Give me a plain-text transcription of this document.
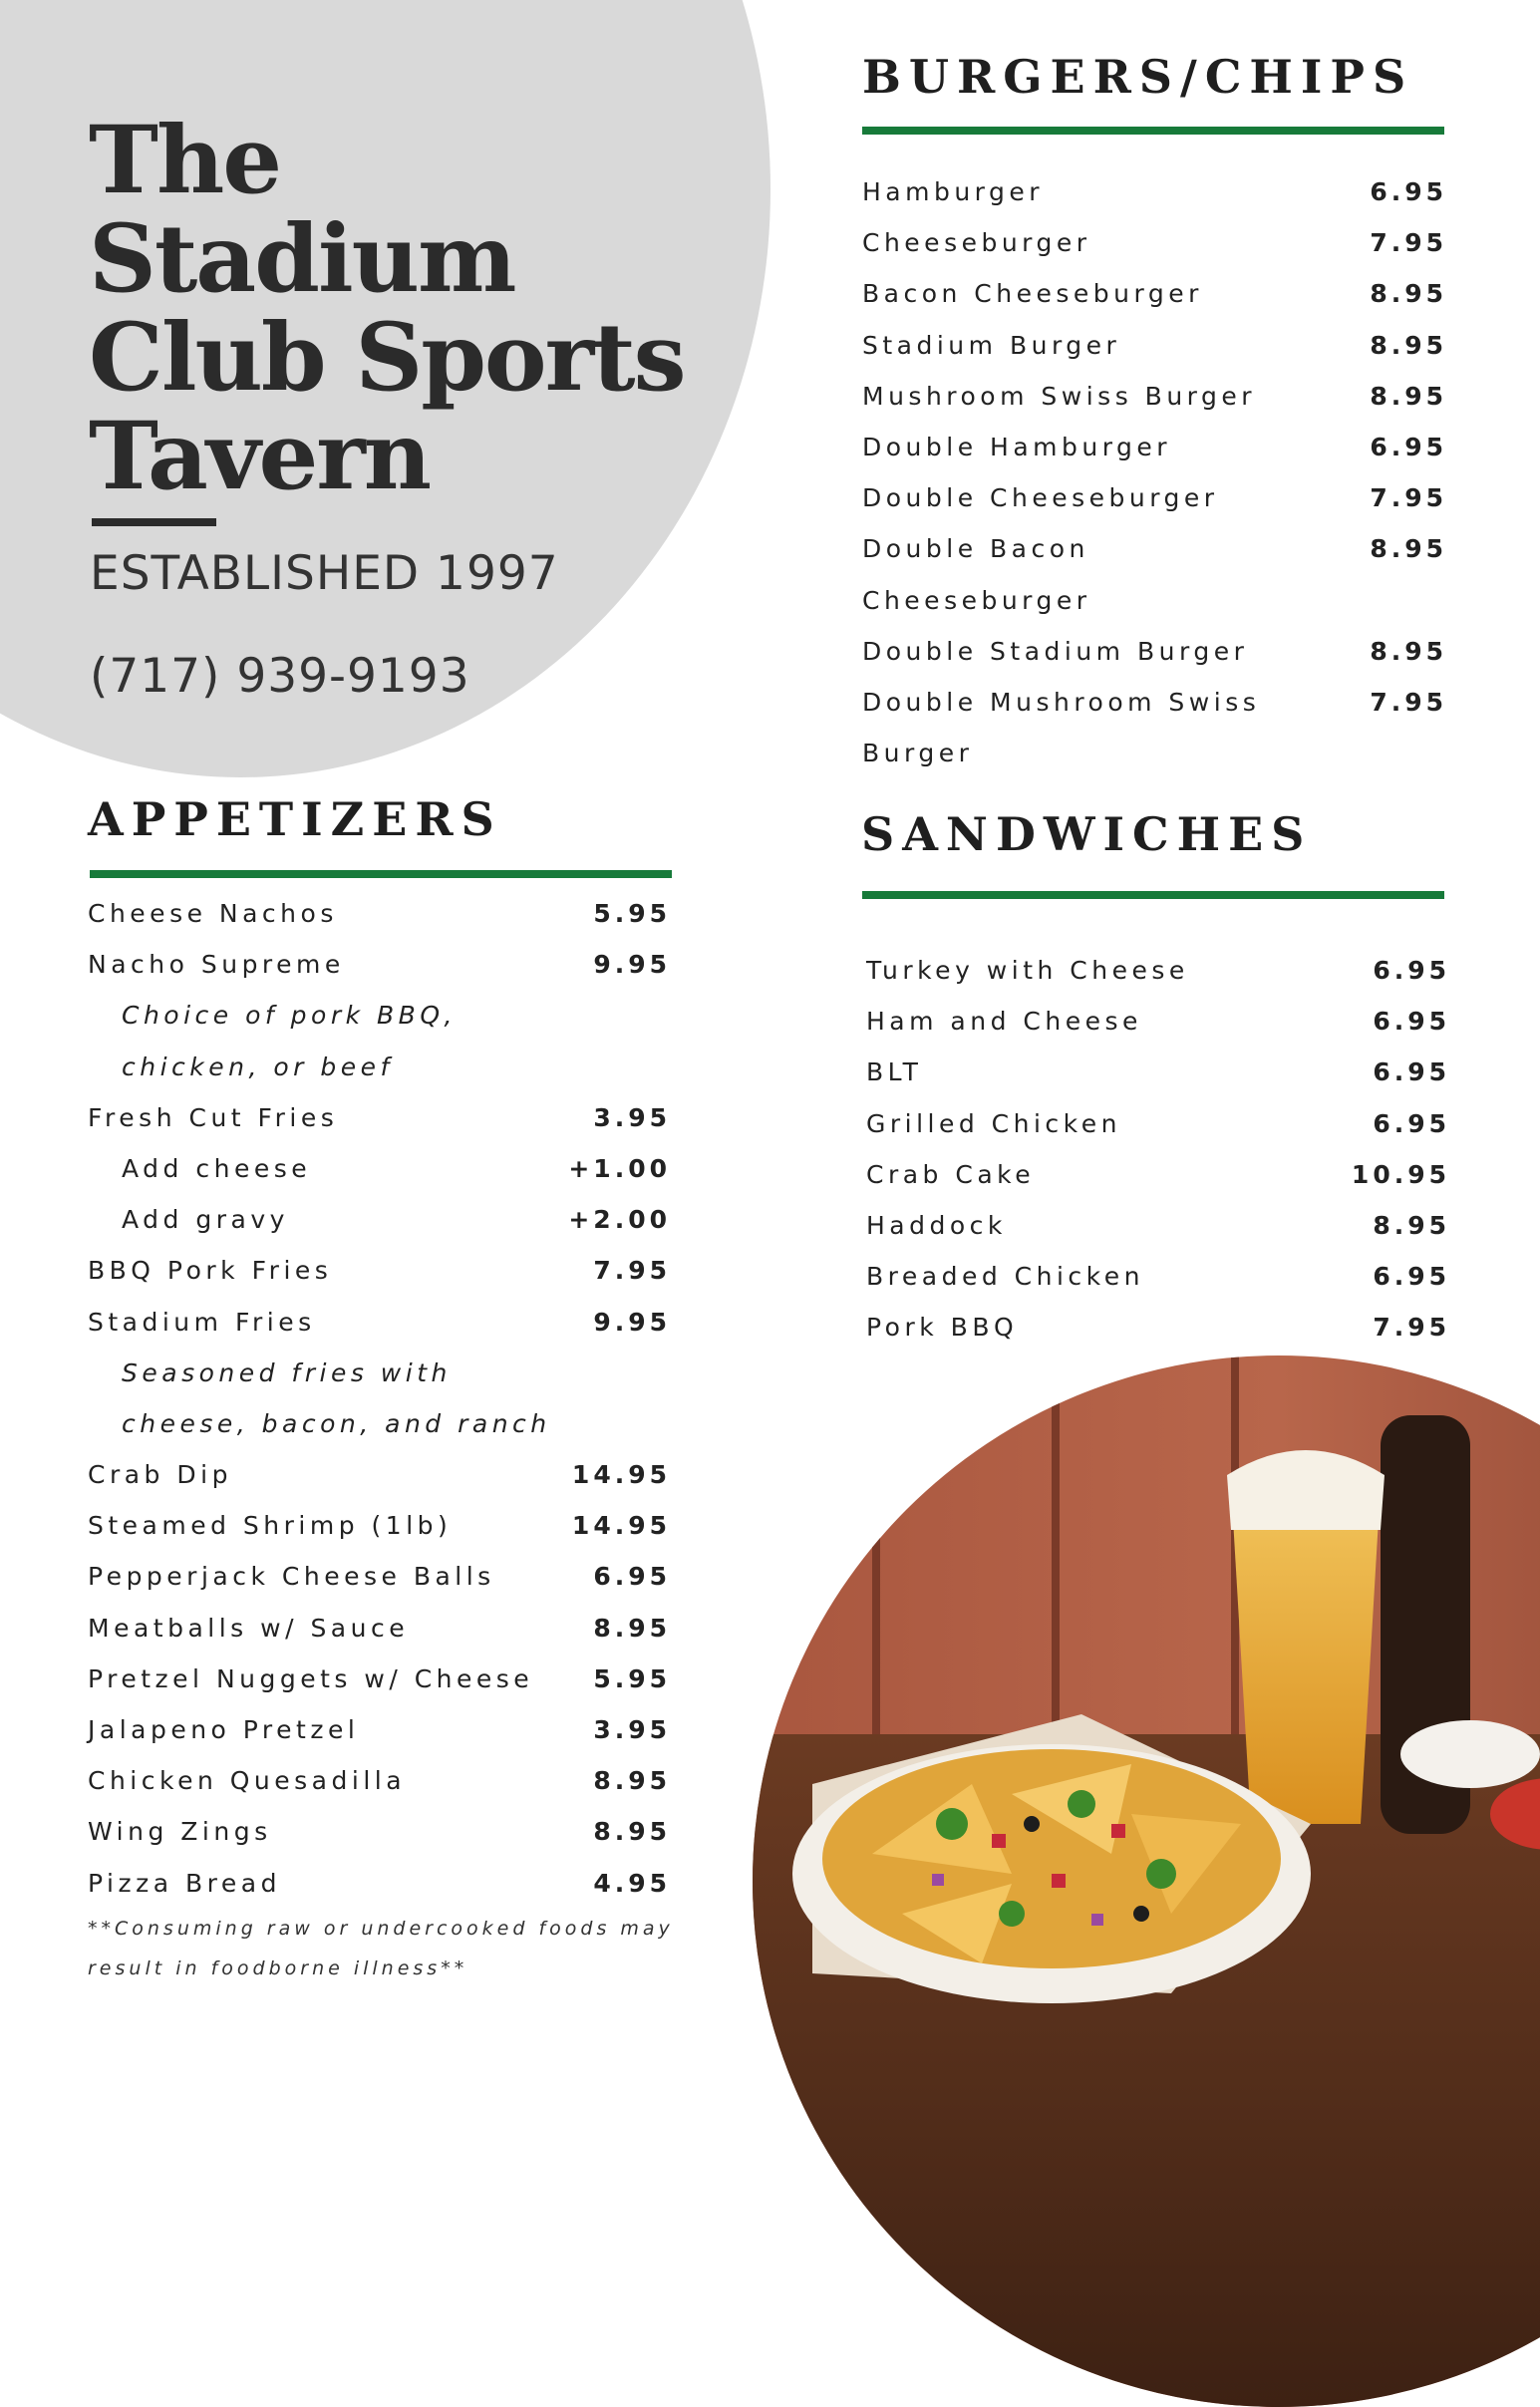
The
Stadium
Club Sports
Tavern
ESTABLISHED 1997
(717) 939-9193
BURGERS/CHIPS
Hamburger	6.95
Cheeseburger	7.95
Bacon Cheeseburger	8.95
Stadium Burger	8.95
Mushroom Swiss Burger	8.95
Double Hamburger	6.95
Double Cheeseburger	7.95
Double Bacon	8.95
Cheeseburger
Double Stadium Burger	8.95
Double Mushroom Swiss	7.95
Burger
SANDWICHES
Turkey with Cheese	6.95
Ham and Cheese	6.95
BLT	6.95
Grilled Chicken	6.95
Crab Cake	10.95
Haddock	8.95
Breaded Chicken	6.95
Pork BBQ	7.95
APPETIZERS
Cheese Nachos	5.95
Nacho Supreme	9.95
Choice of pork BBQ,
chicken, or beef
Fresh Cut Fries	3.95
Add cheese	+1.00
Add gravy	+2.00
BBQ Pork Fries	7.95
Stadium Fries	9.95
Seasoned fries with
cheese, bacon, and ranch
Crab Dip	14.95
Steamed Shrimp (1lb)	14.95
Pepperjack Cheese Balls	6.95
Meatballs w/ Sauce	8.95
Pretzel Nuggets w/ Cheese 5.95
Jalapeno Pretzel	3.95
Chicken Quesadilla	8.95
Wing Zings	8.95
Pizza Bread	4.95

**Consuming raw or undercooked foods may result in foodborne illness**
